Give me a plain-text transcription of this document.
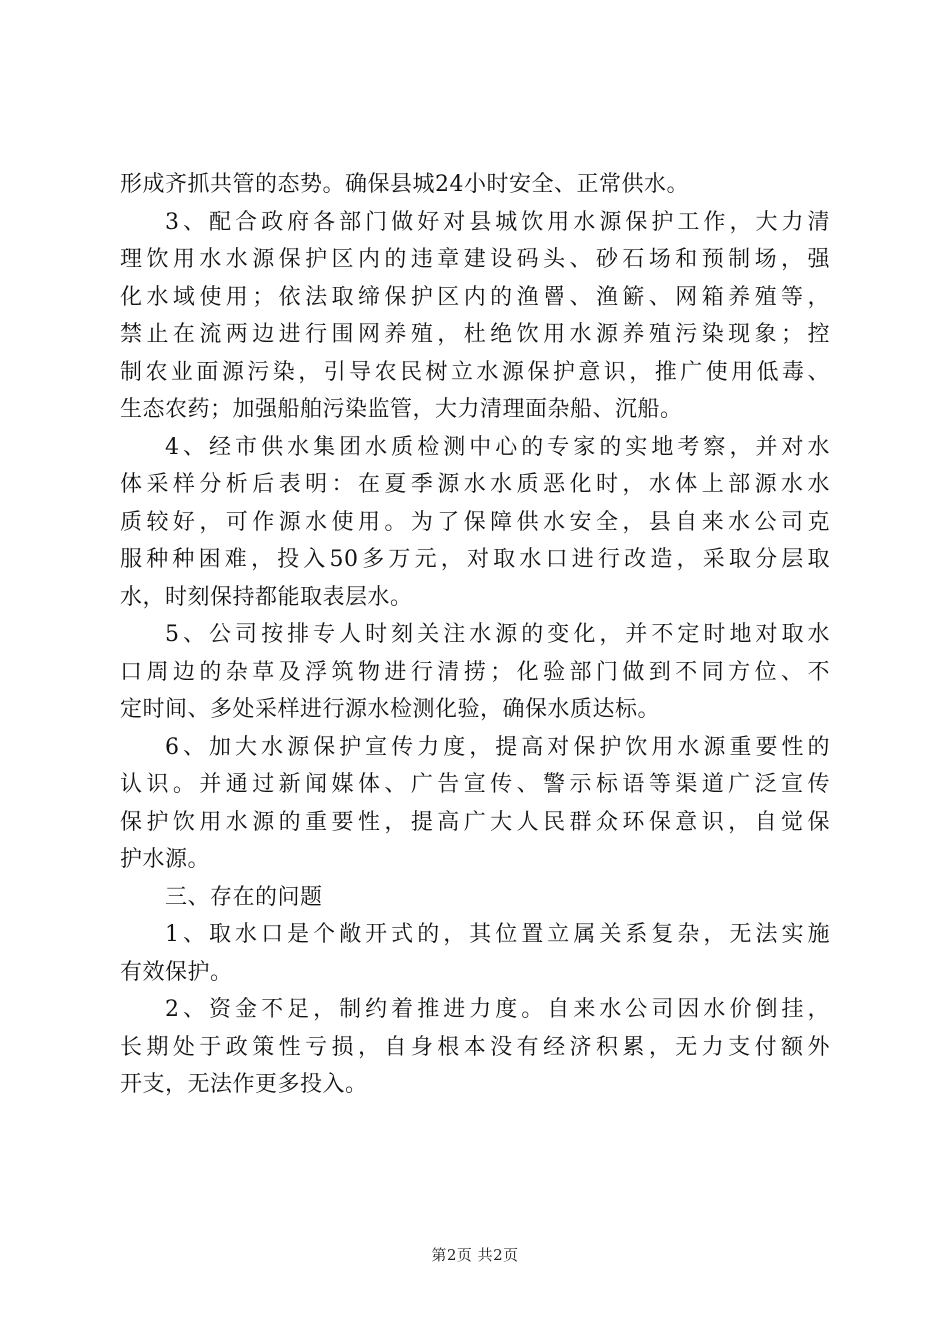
形成齐抓共管的态势。确保县城24小时安全、正常供水。
3、配合政府各部门做好对县城饮用水源保护工作，大力清
理饮用水水源保护区内的违章建设码头、砂石场和预制场，强
化水域使用；依法取缔保护区内的渔罾、渔簖、网箱养殖等，
禁止在流两边进行围网养殖，杜绝饮用水源养殖污染现象；控
制农业面源污染，引导农民树立水源保护意识，推广使用低毒、
生态农药；加强船舶污染监管，大力清理面杂船、沉船。
4、经市供水集团水质检测中心的专家的实地考察，并对水
体采样分析后表明：在夏季源水水质恶化时，水体上部源水水
质较好，可作源水使用。为了保障供水安全，县自来水公司克
服种种困难，投入50多万元，对取水口进行改造，采取分层取
水，时刻保持都能取表层水。
5、公司按排专人时刻关注水源的变化，并不定时地对取水
口周边的杂草及浮筑物进行清捞；化验部门做到不同方位、不
定时间、多处采样进行源水检测化验，确保水质达标。
6、加大水源保护宣传力度，提高对保护饮用水源重要性的
认识。并通过新闻媒体、广告宣传、警示标语等渠道广泛宣传
保护饮用水源的重要性，提高广大人民群众环保意识，自觉保
护水源。
三、存在的问题
1、取水口是个敞开式的，其位置立属关系复杂，无法实施
有效保护。
2、资金不足，制约着推进力度。自来水公司因水价倒挂，
长期处于政策性亏损，自身根本没有经济积累，无力支付额外
开支，无法作更多投入。
第2页 共2页
